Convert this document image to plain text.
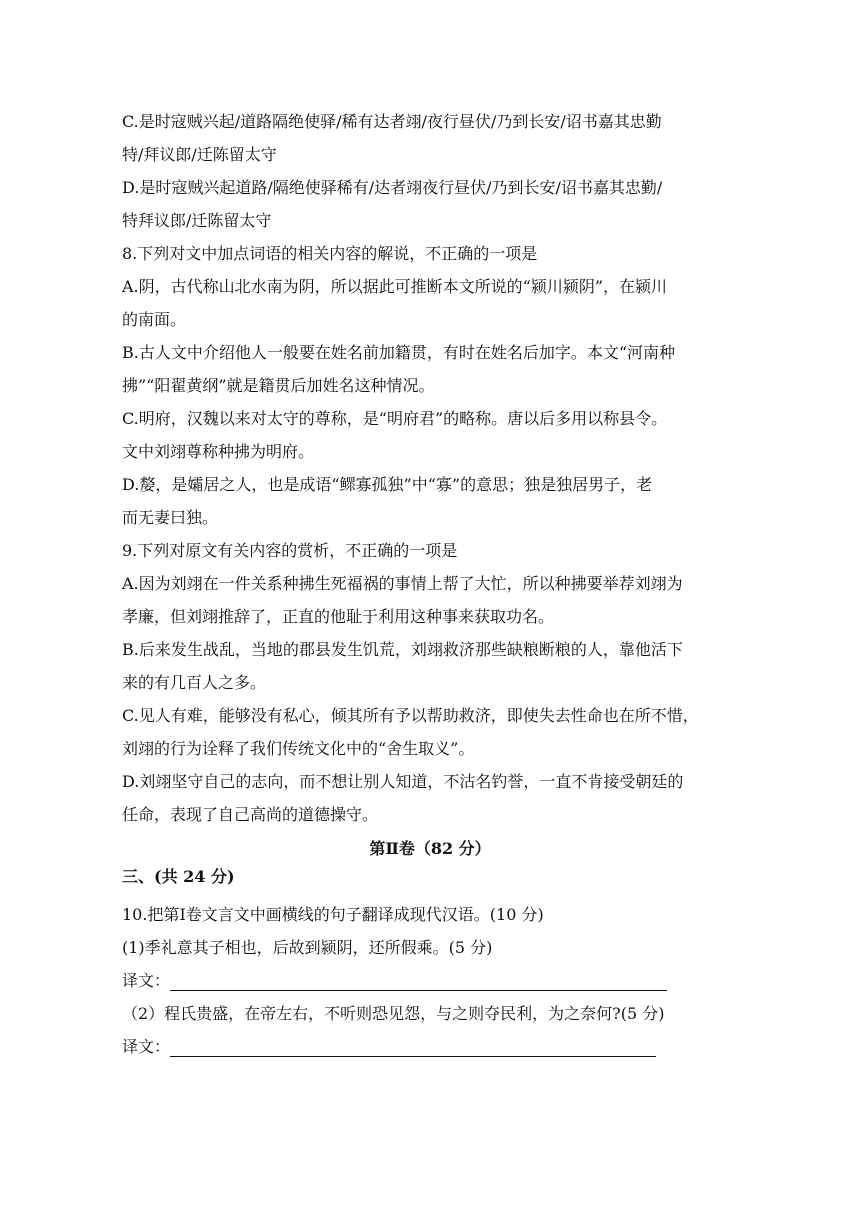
C.是时寇贼兴起/道路隔绝使驿/稀有达者翊/夜行昼伏/乃到长安/诏书嘉其忠勤
特/拜议郎/迁陈留太守
D.是时寇贼兴起道路/隔绝使驿稀有/达者翊夜行昼伏/乃到长安/诏书嘉其忠勤/
特拜议郎/迁陈留太守
8.下列对文中加点词语的相关内容的解说，不正确的一项是
A.阴，古代称山北水南为阴，所以据此可推断本文所说的“颍川颍阴”，在颍川
的南面。
B.古人文中介绍他人一般要在姓名前加籍贯，有时在姓名后加字。本文“河南种
拂”“阳翟黄纲”就是籍贯后加姓名这种情况。
C.明府，汉魏以来对太守的尊称，是“明府君”的略称。唐以后多用以称县令。
文中刘翊尊称种拂为明府。
D.嫠，是孀居之人，也是成语“鳏寡孤独”中“寡”的意思；独是独居男子，老
而无妻曰独。
9.下列对原文有关内容的赏析，不正确的一项是
A.因为刘翊在一件关系种拂生死福祸的事情上帮了大忙，所以种拂要举荐刘翊为
孝廉，但刘翊推辞了，正直的他耻于利用这种事来获取功名。
B.后来发生战乱，当地的郡县发生饥荒，刘翊救济那些缺粮断粮的人，靠他活下
来的有几百人之多。
C.见人有难，能够没有私心，倾其所有予以帮助救济，即使失去性命也在所不惜，
刘翊的行为诠释了我们传统文化中的“舍生取义”。
D.刘翊坚守自己的志向，而不想让别人知道，不沽名钓誉，一直不肯接受朝廷的
任命，表现了自己高尚的道德操守。
第Ⅱ卷（82 分）
三、(共 24 分)
10.把第Ⅰ卷文言文中画横线的句子翻译成现代汉语。(10 分)
(1)季礼意其子相也，后故到颍阴，还所假乘。(5 分)
译文：
（2）程氏贵盛，在帝左右，不听则恐见怨，与之则夺民利，为之奈何?(5 分)
译文：
